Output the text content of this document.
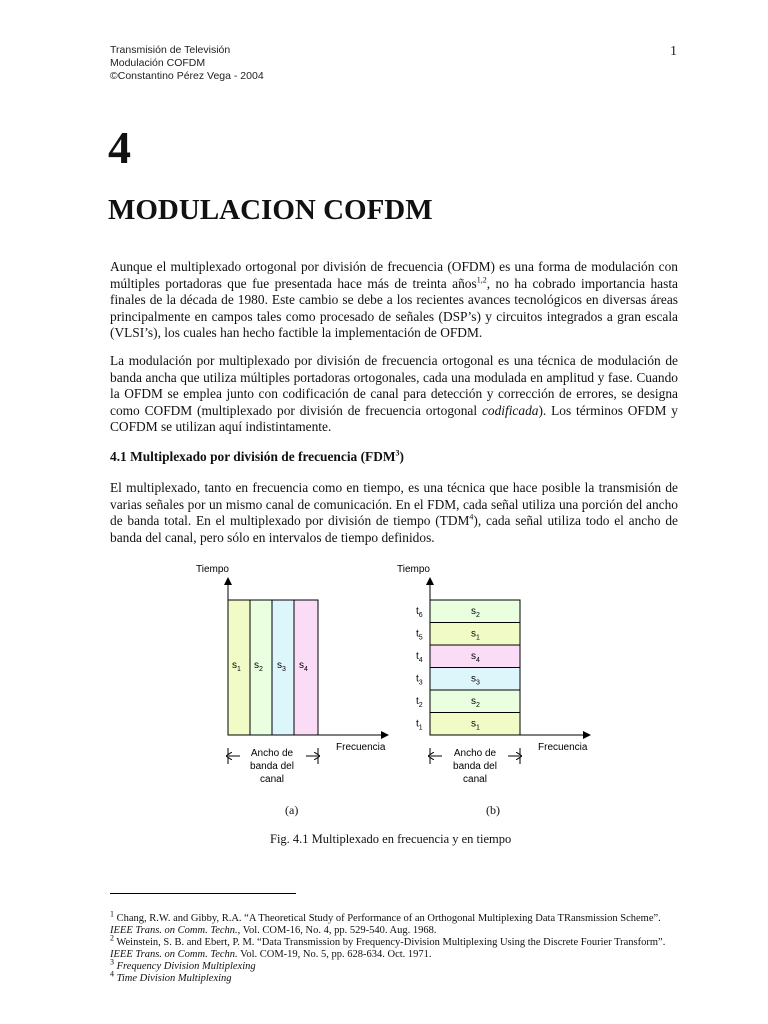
Transmisión de Televisión
Modulación COFDM
©Constantino Pérez Vega - 2004
1
4
MODULACION COFDM
Aunque el multiplexado ortogonal por división de frecuencia (OFDM) es una forma de modulación con múltiples portadoras que fue presentada hace más de treinta años$^{1,2}$, no ha cobrado importancia hasta finales de la década de 1980. Este cambio se debe a los recientes avances tecnológicos en diversas áreas principalmente en campos tales como procesado de señales (DSP’s) y circuitos integrados a gran escala (VLSI’s), los cuales han hecho factible la implementación de OFDM.
La modulación por multiplexado por división de frecuencia ortogonal es una técnica de modulación de banda ancha que utiliza múltiples portadoras ortogonales, cada una modulada en amplitud y fase. Cuando la OFDM se emplea junto con codificación de canal para detección y corrección de errores, se designa como COFDM (multiplexado por división de frecuencia ortogonal codificada). Los términos OFDM y COFDM se utilizan aquí indistintamente.
4.1 Multiplexado por división de frecuencia (FDM$^3$)
El multiplexado, tanto en frecuencia como en tiempo, es una técnica que hace posible la transmisión de varias señales por un mismo canal de comunicación. En el FDM, cada señal utiliza una porción del ancho de banda total. En el multiplexado por división de tiempo (TDM$^4$), cada señal utiliza todo el ancho de banda del canal, pero sólo en intervalos de tiempo definidos.
Tiempo
$s_1$ $s_2$ $s_3$ $s_4$
Frecuencia
Ancho de
banda del
canal
Tiempo
$s_2$
$t_6$
$s_1$
$t_5$
$s_4$
$t_4$
$s_3$
$t_3$
$s_2$
$t_2$
$s_1$
$t_1$
Frecuencia
Ancho de
banda del
canal
(a)	(b)
Fig. 4.1 Multiplexado en frecuencia y en tiempo

$^1$ Chang, R.W. and Gibby, R.A. “A Theoretical Study of Performance of an Orthogonal Multiplexing Data TRansmission Scheme”. IEEE Trans. on Comm. Techn., Vol. COM-16, No. 4, pp. 529-540. Aug. 1968.

$^2$ Weinstein, S. B. and Ebert, P. M. “Data Transmission by Frequency-Division Multiplexing Using the Discrete Fourier Transform”. IEEE Trans. on Comm. Techn. Vol. COM-19, No. 5, pp. 628-634. Oct. 1971.

$^3$ Frequency Division Multiplexing

$^4$ Time Division Multiplexing
